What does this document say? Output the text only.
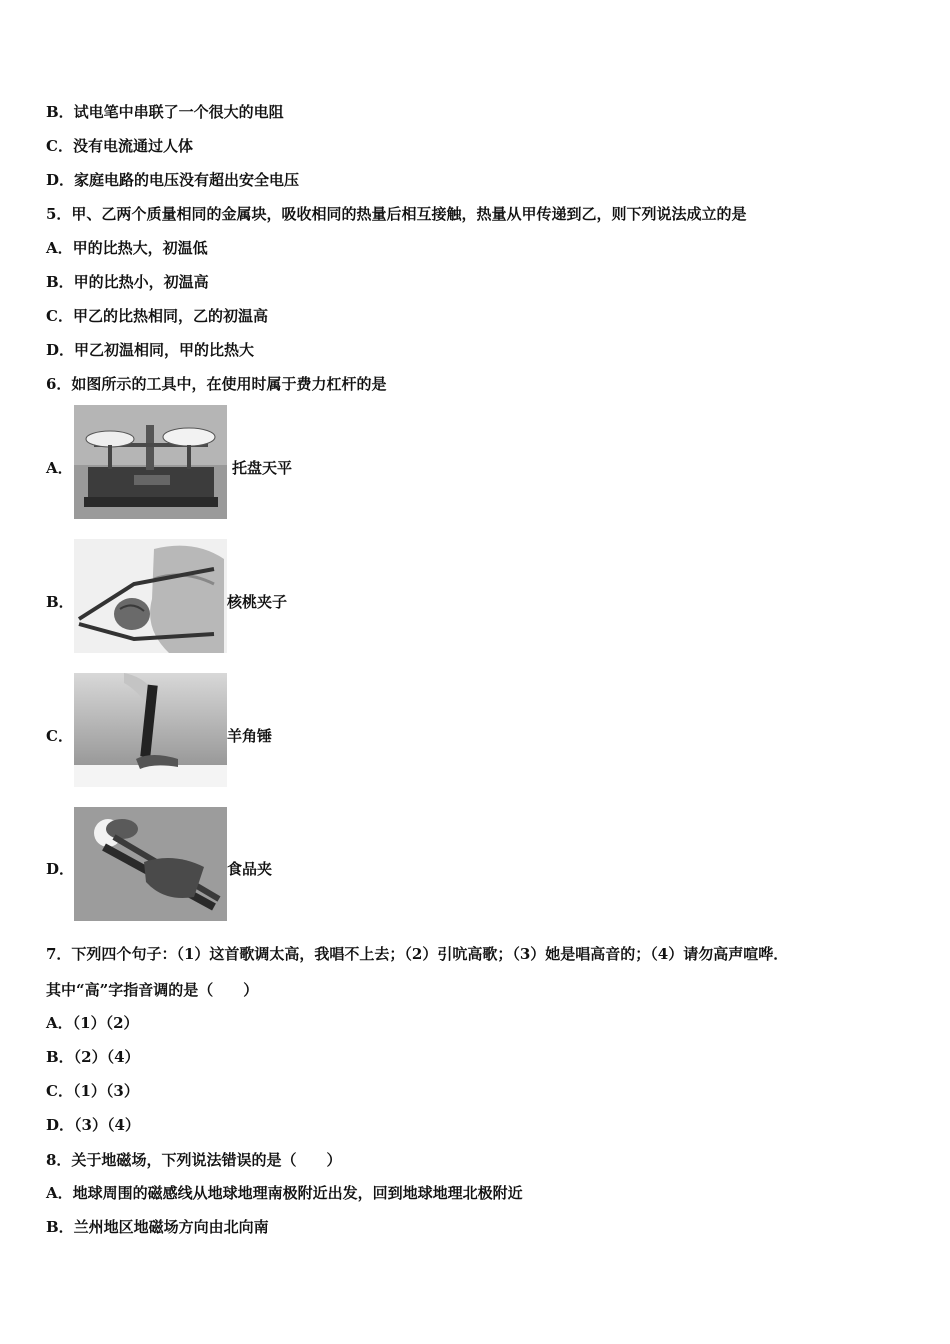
B．试电笔中串联了一个很大的电阻
C．没有电流通过人体
D．家庭电路的电压没有超出安全电压
5．甲、乙两个质量相同的金属块，吸收相同的热量后相互接触，热量从甲传递到乙，则下列说法成立的是
A．甲的比热大，初温低
B．甲的比热小，初温高
C．甲乙的比热相同，乙的初温高
D．甲乙初温相同，甲的比热大
6．如图所示的工具中，在使用时属于费力杠杆的是
A．	托盘天平
B．	核桃夹子
C．	羊角锤
D．	食品夹
7．下列四个句子：（1）这首歌调太高，我唱不上去；（2）引吭高歌；（3）她是唱高音的；（4）请勿高声喧哗．
其中“高”字指音调的是（　　）
A．（1）（2）
B．（2）（4）
C．（1）（3）
D．（3）（4）
8．关于地磁场，下列说法错误的是（　　）
A．地球周围的磁感线从地球地理南极附近出发，回到地球地理北极附近
B．兰州地区地磁场方向由北向南
